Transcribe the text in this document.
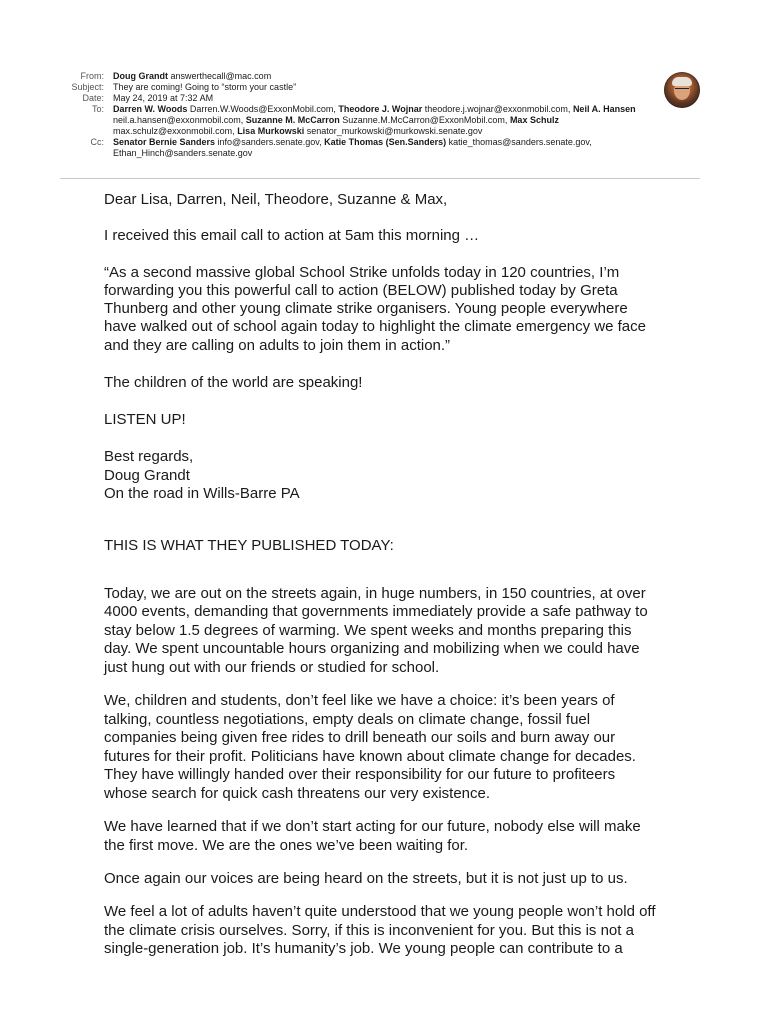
From: Doug Grandt answerthecall@mac.com
Subject: They are coming! Going to “storm your castle”
Date: May 24, 2019 at 7:32 AM
To: Darren W. Woods Darren.W.Woods@ExxonMobil.com, Theodore J. Wojnar theodore.j.wojnar@exxonmobil.com, Neil A. Hansen
neil.a.hansen@exxonmobil.com, Suzanne M. McCarron Suzanne.M.McCarron@ExxonMobil.com, Max Schulz
max.schulz@exxonmobil.com, Lisa Murkowski senator_murkowski@murkowski.senate.gov
Cc: Senator Bernie Sanders info@sanders.senate.gov, Katie Thomas (Sen.Sanders) katie_thomas@sanders.senate.gov,
Ethan_Hinch@sanders.senate.gov
Dear Lisa, Darren, Neil, Theodore, Suzanne & Max,
I received this email call to action at 5am this morning …
“As a second massive global School Strike unfolds today in 120 countries, I’m
forwarding you this powerful call to action (BELOW) published today by Greta
Thunberg and other young climate strike organisers. Young people everywhere
have walked out of school again today to highlight the climate emergency we face
and they are calling on adults to join them in action.”
The children of the world are speaking!
LISTEN UP!
Best regards,
Doug Grandt
On the road in Wills-Barre PA
THIS IS WHAT THEY PUBLISHED TODAY:
Today, we are out on the streets again, in huge numbers, in 150 countries, at over
4000 events, demanding that governments immediately provide a safe pathway to
stay below 1.5 degrees of warming. We spent weeks and months preparing this
day. We spent uncountable hours organizing and mobilizing when we could have
just hung out with our friends or studied for school.
We, children and students, don’t feel like we have a choice: it’s been years of
talking, countless negotiations, empty deals on climate change, fossil fuel
companies being given free rides to drill beneath our soils and burn away our
futures for their profit. Politicians have known about climate change for decades.
They have willingly handed over their responsibility for our future to profiteers
whose search for quick cash threatens our very existence.
We have learned that if we don’t start acting for our future, nobody else will make
the first move. We are the ones we’ve been waiting for.
Once again our voices are being heard on the streets, but it is not just up to us.
We feel a lot of adults haven’t quite understood that we young people won’t hold off
the climate crisis ourselves. Sorry, if this is inconvenient for you. But this is not a
single-generation job. It’s humanity’s job. We young people can contribute to a
